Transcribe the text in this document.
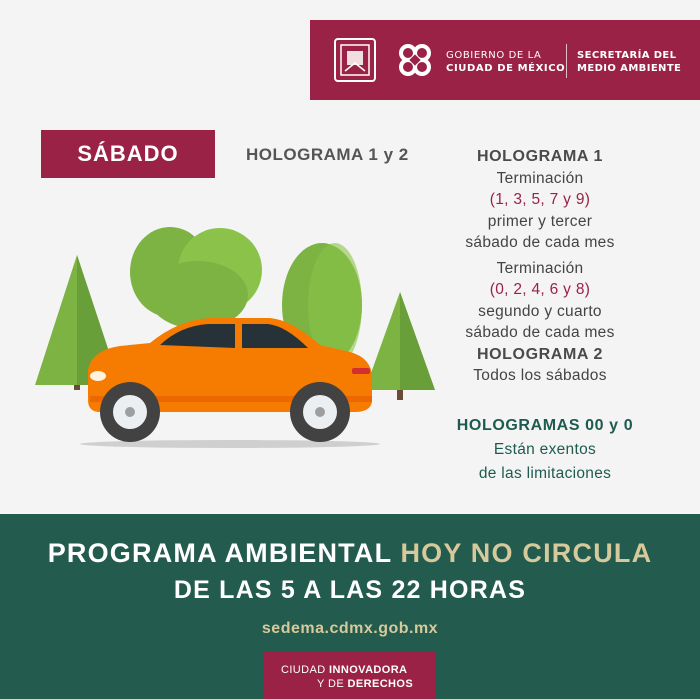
GOBIERNO DE LA
CIUDAD DE MÉXICO
SECRETARÍA DEL
MEDIO AMBIENTE
SÁBADO	HOLOGRAMA 1 y 2	HOLOGRAMA 1
Terminación
(1, 3, 5, 7 y 9)
primer y tercer
sábado de cada mes
Terminación
(0, 2, 4, 6 y 8)
segundo y cuarto
sábado de cada mes
HOLOGRAMA 2
Todos los sábados
HOLOGRAMAS 00 y 0
Están exentos
de las limitaciones
PROGRAMA AMBIENTAL HOY NO CIRCULA
DE LAS 5 A LAS 22 HORAS
sedema.cdmx.gob.mx
CIUDAD INNOVADORA
Y DE DERECHOS
